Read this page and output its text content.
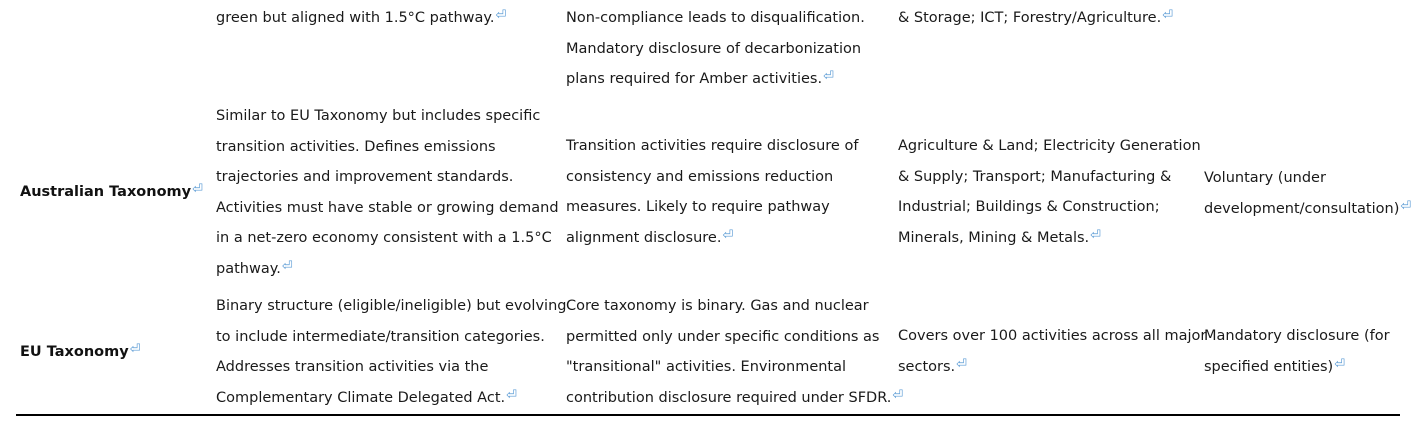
green but aligned with 1.5°C pathway.⏎	Non-compliance leads to disqualification.
Mandatory disclosure of decarbonization
plans required for Amber activities.⏎
& Storage; ICT; Forestry/Agriculture.⏎
Australian Taxonomy⏎
Similar to EU Taxonomy but includes specific
transition activities. Defines emissions
trajectories and improvement standards.
Activities must have stable or growing demand
in a net-zero economy consistent with a 1.5°C
pathway.⏎
Transition activities require disclosure of
consistency and emissions reduction
measures. Likely to require pathway
alignment disclosure.⏎
Agriculture & Land; Electricity Generation
& Supply; Transport; Manufacturing &
Industrial; Buildings & Construction;
Minerals, Mining & Metals.⏎
Voluntary (under
development/consultation)⏎
EU Taxonomy⏎
Binary structure (eligible/ineligible) but evolving
to include intermediate/transition categories.
Addresses transition activities via the
Complementary Climate Delegated Act.⏎
Core taxonomy is binary. Gas and nuclear
permitted only under specific conditions as
"transitional" activities. Environmental
contribution disclosure required under SFDR.⏎
Covers over 100 activities across all major
sectors.⏎
Mandatory disclosure (for
specified entities)⏎
